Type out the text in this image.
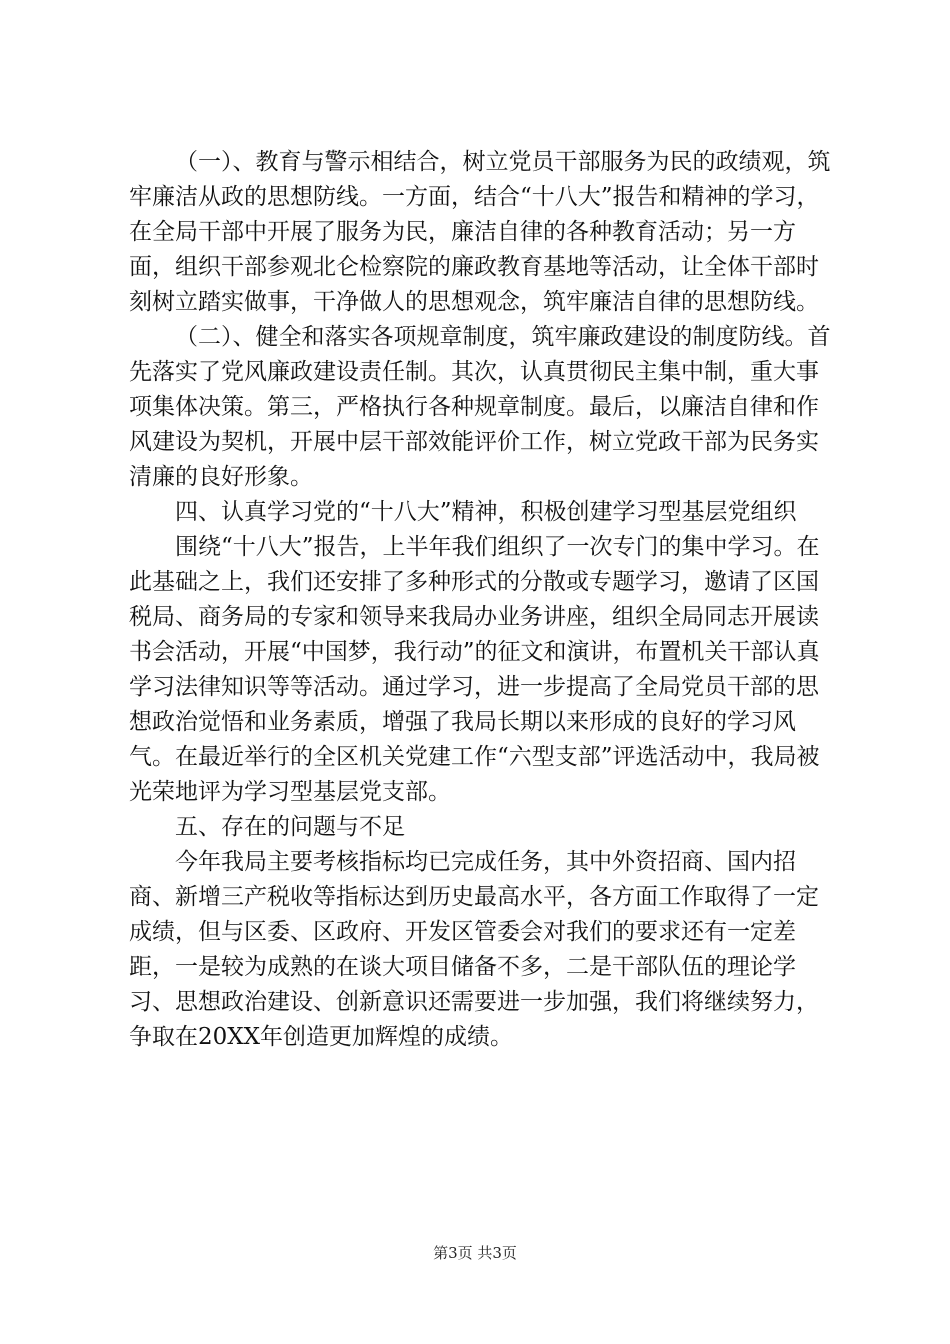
（一）、教育与警示相结合，树立党员干部服务为民的政绩观，筑牢廉洁从政的思想防线。一方面，结合“十八大”报告和精神的学习，在全局干部中开展了服务为民，廉洁自律的各种教育活动；另一方面，组织干部参观北仑检察院的廉政教育基地等活动，让全体干部时刻树立踏实做事，干净做人的思想观念，筑牢廉洁自律的思想防线。

（二）、健全和落实各项规章制度，筑牢廉政建设的制度防线。首先落实了党风廉政建设责任制。其次，认真贯彻民主集中制，重大事项集体决策。第三，严格执行各种规章制度。最后，以廉洁自律和作风建设为契机，开展中层干部效能评价工作，树立党政干部为民务实清廉的良好形象。

四、认真学习党的“十八大”精神，积极创建学习型基层党组织

围绕“十八大”报告，上半年我们组织了一次专门的集中学习。在此基础之上，我们还安排了多种形式的分散或专题学习，邀请了区国税局、商务局的专家和领导来我局办业务讲座，组织全局同志开展读书会活动，开展“中国梦，我行动”的征文和演讲，布置机关干部认真学习法律知识等等活动。通过学习，进一步提高了全局党员干部的思想政治觉悟和业务素质，增强了我局长期以来形成的良好的学习风气。在最近举行的全区机关党建工作“六型支部”评选活动中，我局被光荣地评为学习型基层党支部。

五、存在的问题与不足

今年我局主要考核指标均已完成任务，其中外资招商、国内招商、新增三产税收等指标达到历史最高水平，各方面工作取得了一定成绩，但与区委、区政府、开发区管委会对我们的要求还有一定差距，一是较为成熟的在谈大项目储备不多，二是干部队伍的理论学习、思想政治建设、创新意识还需要进一步加强，我们将继续努力，争取在20XX年创造更加辉煌的成绩。

第3页 共3页
